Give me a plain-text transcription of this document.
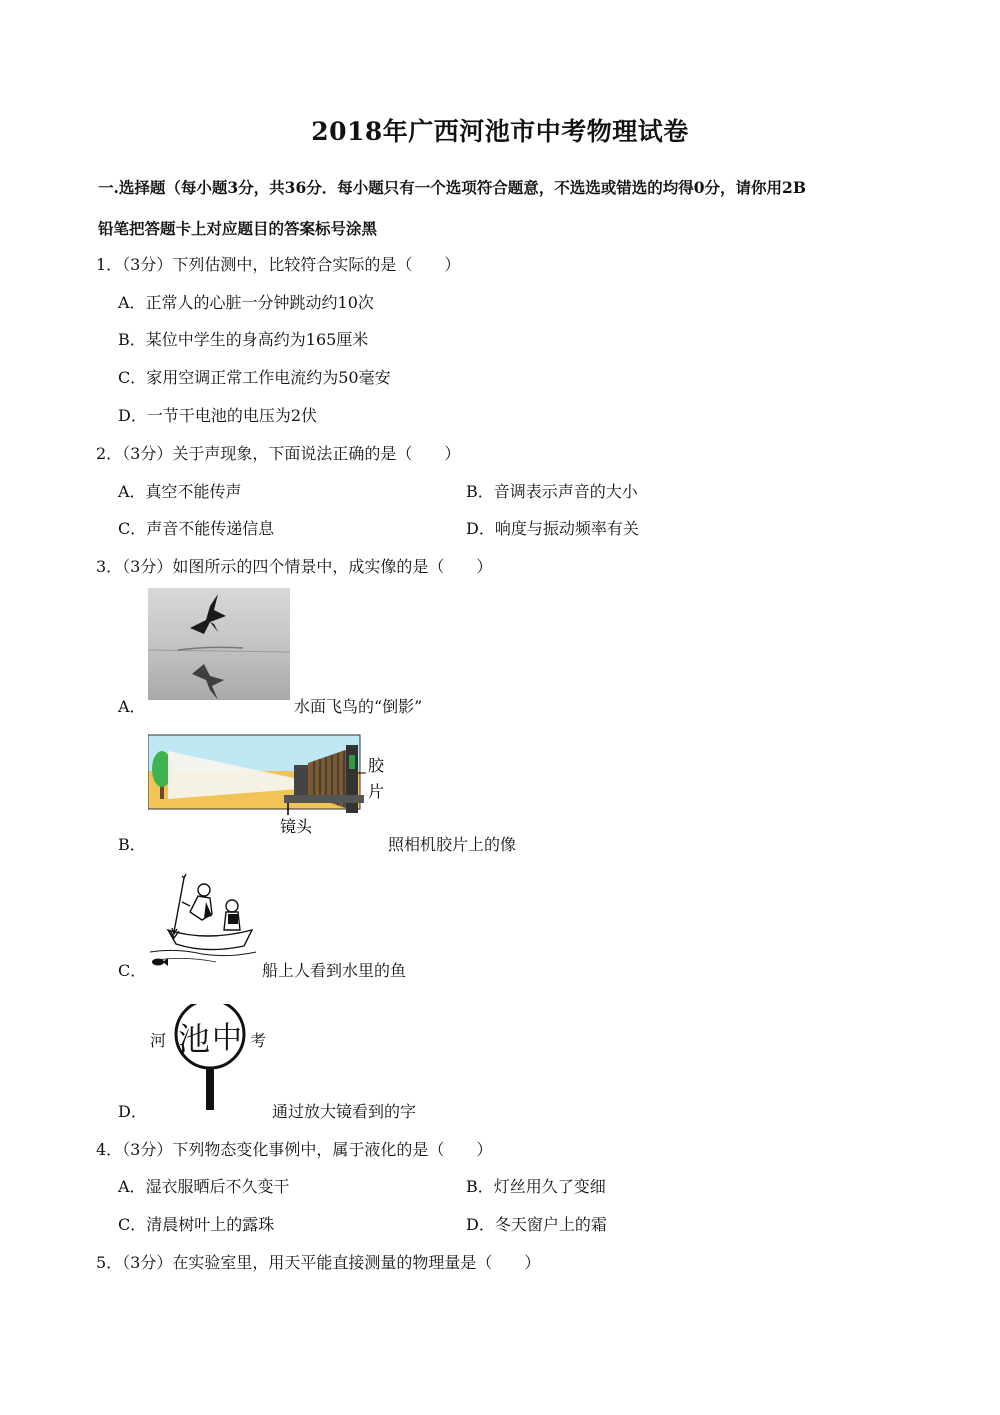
2018年广西河池市中考物理试卷
一.选择题（每小题3分，共36分．每小题只有一个选项符合题意，不选选或错选的均得0分，请你用2B
铅笔把答题卡上对应题目的答案标号涂黑
1．（3分）下列估测中，比较符合实际的是（　　）
A．正常人的心脏一分钟跳动约10次
B．某位中学生的身高约为165厘米
C．家用空调正常工作电流约为50毫安
D．一节干电池的电压为2伏
2．（3分）关于声现象，下面说法正确的是（　　）
A．真空不能传声	B．音调表示声音的大小
C．声音不能传递信息	D．响度与振动频率有关
3．（3分）如图所示的四个情景中，成实像的是（　　）
A．	水面飞鸟的“倒影”
胶
片
镜头
B．	照相机胶片上的像
C．	船上人看到水里的鱼
河 池 中 考
D．	通过放大镜看到的字
4．（3分）下列物态变化事例中，属于液化的是（　　）
A．湿衣服晒后不久变干	B．灯丝用久了变细
C．清晨树叶上的露珠	D．冬天窗户上的霜
5．（3分）在实验室里，用天平能直接测量的物理量是（　　）
